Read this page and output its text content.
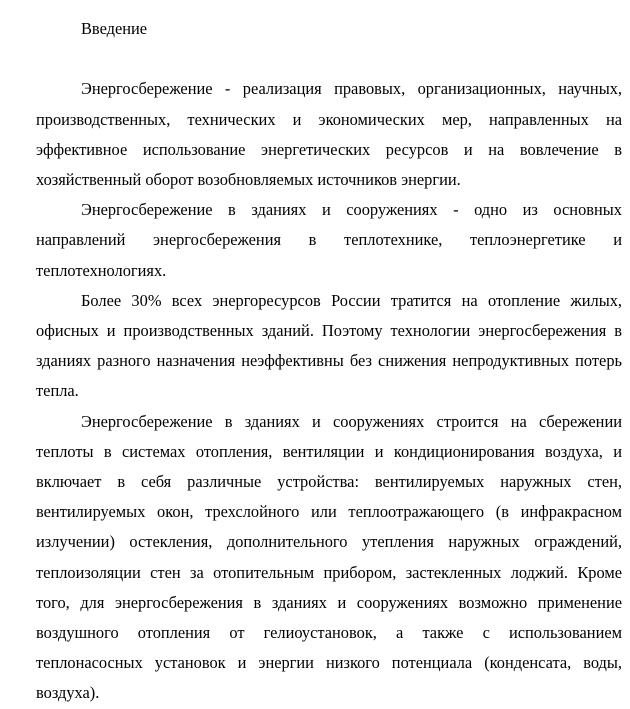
Введение

Энергосбережение - реализация правовых, организационных, научных, производственных, технических и экономических мер, направленных на эффективное использование энергетических ресурсов и на вовлечение в хозяйственный оборот возобновляемых источников энергии.

Энергосбережение в зданиях и сооружениях - одно из основных направлений энергосбережения в теплотехнике, теплоэнергетике и теплотехнологиях.

Более 30% всех энергоресурсов России тратится на отопление жилых, офисных и производственных зданий. Поэтому технологии энергосбережения в зданиях разного назначения неэффективны без снижения непродуктивных потерь тепла.

Энергосбережение в зданиях и сооружениях строится на сбережении теплоты в системах отопления, вентиляции и кондиционирования воздуха, и включает в себя различные устройства: вентилируемых наружных стен, вентилируемых окон, трехслойного или теплоотражающего (в инфракрасном излучении) остекления, дополнительного утепления наружных ограждений, теплоизоляции стен за отопительным прибором, застекленных лоджий. Кроме того, для энергосбережения в зданиях и сооружениях возможно применение воздушного отопления от гелиоустановок, а также с использованием теплонасосных установок и энергии низкого потенциала (конденсата, воды, воздуха).
